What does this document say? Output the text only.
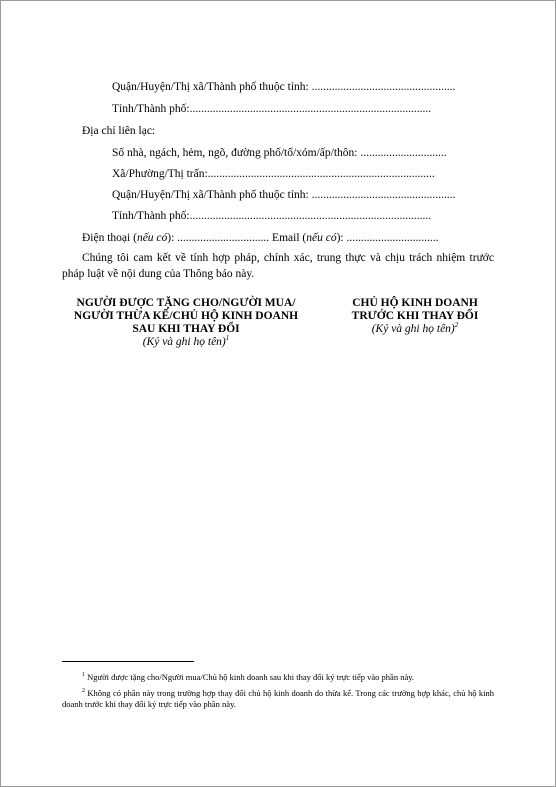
Quận/Huyện/Thị xã/Thành phố thuộc tỉnh: ..................................................
Tỉnh/Thành phố:....................................................................................
Địa chỉ liên lạc:
Số nhà, ngách, hẻm, ngõ, đường phố/tổ/xóm/ấp/thôn: ..............................
Xã/Phường/Thị trấn:...............................................................................
Quận/Huyện/Thị xã/Thành phố thuộc tỉnh: ..................................................
Tỉnh/Thành phố:....................................................................................
Điện thoại (nếu có): ................................ Email (nếu có): ................................
Chúng tôi cam kết về tính hợp pháp, chính xác, trung thực và chịu trách nhiệm trước pháp luật về nội dung của Thông báo này.
NGƯỜI ĐƯỢC TẶNG CHO/NGƯỜI MUA/
NGƯỜI THỪA KẾ/CHỦ HỘ KINH DOANH
SAU KHI THAY ĐỔI
(Ký và ghi họ tên)$^1$
CHỦ HỘ KINH DOANH
TRƯỚC KHI THAY ĐỔI
(Ký và ghi họ tên)$^2$
$^1$ Người được tặng cho/Người mua/Chủ hộ kinh doanh sau khi thay đổi ký trực tiếp vào phần này.
$^2$ Không có phần này trong trường hợp thay đổi chủ hộ kinh doanh do thừa kế. Trong các trường hợp khác, chủ hộ kinh doanh trước khi thay đổi ký trực tiếp vào phần này.
